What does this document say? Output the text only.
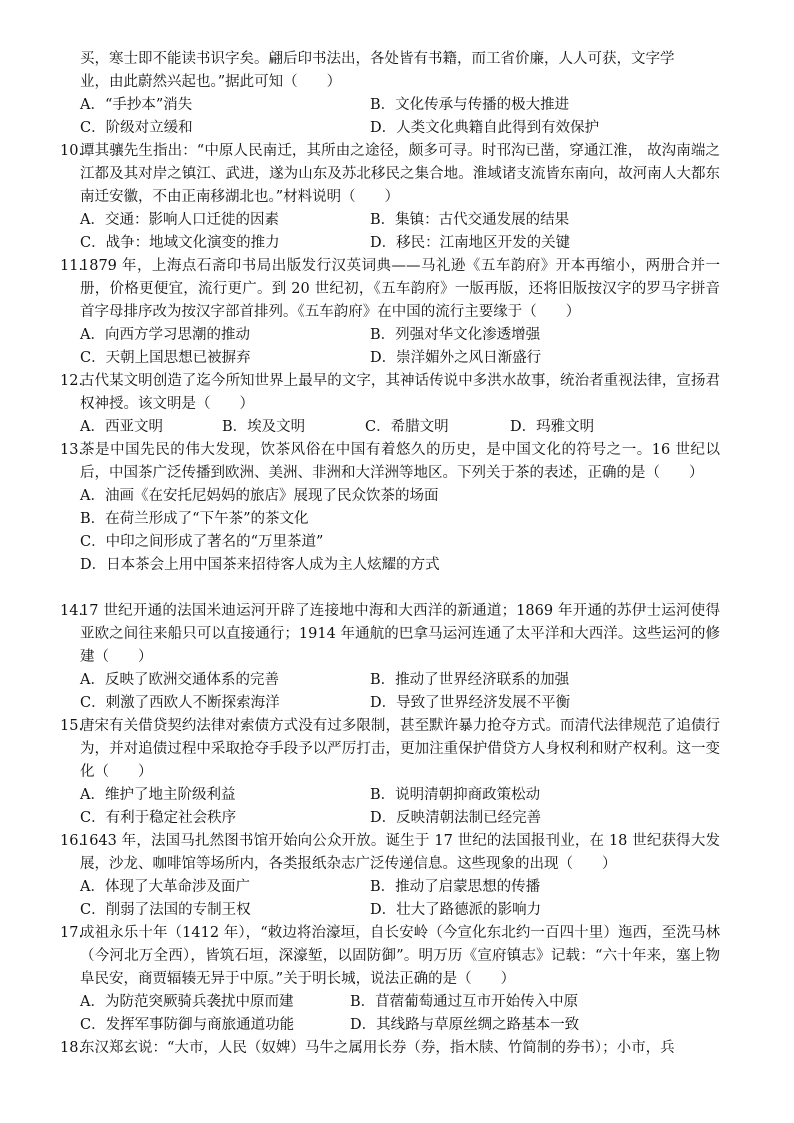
买，寒士即不能读书识字矣。翩后印书法出，各处皆有书籍，而工省价廉，人人可获，文字学
业，由此蔚然兴起也。”据此可知（　　）
A．“手抄本”消失	B．文化传承与传播的极大推进
C．阶级对立缓和	D．人类文化典籍自此得到有效保护
10.
谭其骧先生指出：“中原人民南迁，其所由之途径，颇多可寻。时邗沟已凿，穿通江淮， 故沟南端之江都及其对岸之镇江、武进，遂为山东及苏北移民之集合地。淮域诸支流皆东南向，故河南人大都东南迁安徽，不由正南移湖北也。”材料说明（　　）
A．交通：影响人口迁徙的因素	B．集镇：古代交通发展的结果
C．战争：地域文化演变的推力	D．移民：江南地区开发的关键
11.
1879 年，上海点石斋印书局出版发行汉英词典——马礼逊《五车韵府》开本再缩小，两册合并一册，价格更便宜，流行更广。到 20 世纪初，《五车韵府》一版再版，还将旧版按汉字的罗马字拼音首字母排序改为按汉字部首排列。《五车韵府》在中国的流行主要缘于（　　）
A．向西方学习思潮的推动	B．列强对华文化渗透增强
C．天朝上国思想已被摒弃	D．崇洋媚外之风日渐盛行
12.
古代某文明创造了迄今所知世界上最早的文字，其神话传说中多洪水故事，统治者重视法律，宣扬君权神授。该文明是（　　）
A．西亚文明	B．埃及文明	C．希腊文明	D．玛雅文明
13.
茶是中国先民的伟大发现，饮茶风俗在中国有着悠久的历史，是中国文化的符号之一。16 世纪以后，中国茶广泛传播到欧洲、美洲、非洲和大洋洲等地区。下列关于茶的表述，正确的是（　　）
A．油画《在安托尼妈妈的旅店》展现了民众饮茶的场面
B．在荷兰形成了“下午茶”的茶文化
C．中印之间形成了著名的“万里茶道”
D．日本茶会上用中国茶来招待客人成为主人炫耀的方式
14.
17 世纪开通的法国米迪运河开辟了连接地中海和大西洋的新通道；1869 年开通的苏伊士运河使得亚欧之间往来船只可以直接通行；1914 年通航的巴拿马运河连通了太平洋和大西洋。这些运河的修建（　　）
A．反映了欧洲交通体系的完善	B．推动了世界经济联系的加强
C．刺激了西欧人不断探索海洋	D．导致了世界经济发展不平衡
15.
唐宋有关借贷契约法律对索债方式没有过多限制，甚至默许暴力抢夺方式。而清代法律规范了追债行为，并对追债过程中采取抢夺手段予以严厉打击，更加注重保护借贷方人身权利和财产权利。这一变化（　　）
A．维护了地主阶级利益	B．说明清朝抑商政策松动
C．有利于稳定社会秩序	D．反映清朝法制已经完善
16.
1643 年，法国马扎然图书馆开始向公众开放。诞生于 17 世纪的法国报刊业，在 18 世纪获得大发展，沙龙、咖啡馆等场所内，各类报纸杂志广泛传递信息。这些现象的出现（　　）
A．体现了大革命涉及面广	B．推动了启蒙思想的传播
C．削弱了法国的专制王权	D．壮大了路德派的影响力
17.
成祖永乐十年（1412 年），“敕边将治濠垣，自长安岭（今宣化东北约一百四十里）迤西，至洗马林（今河北万全西），皆筑石垣，深濠堑，以固防御”。明万历《宣府镇志》记载：“六十年来，塞上物阜民安，商贾辐辏无异于中原。”关于明长城，说法正确的是（　　）
A．为防范突厥骑兵袭扰中原而建	B．苜蓿葡萄通过互市开始传入中原
C．发挥军事防御与商旅通道功能	D．其线路与草原丝绸之路基本一致
18.
东汉郑玄说：“大市，人民（奴婢）马牛之属用长券（券，指木牍、竹简制的券书）；小市，兵
